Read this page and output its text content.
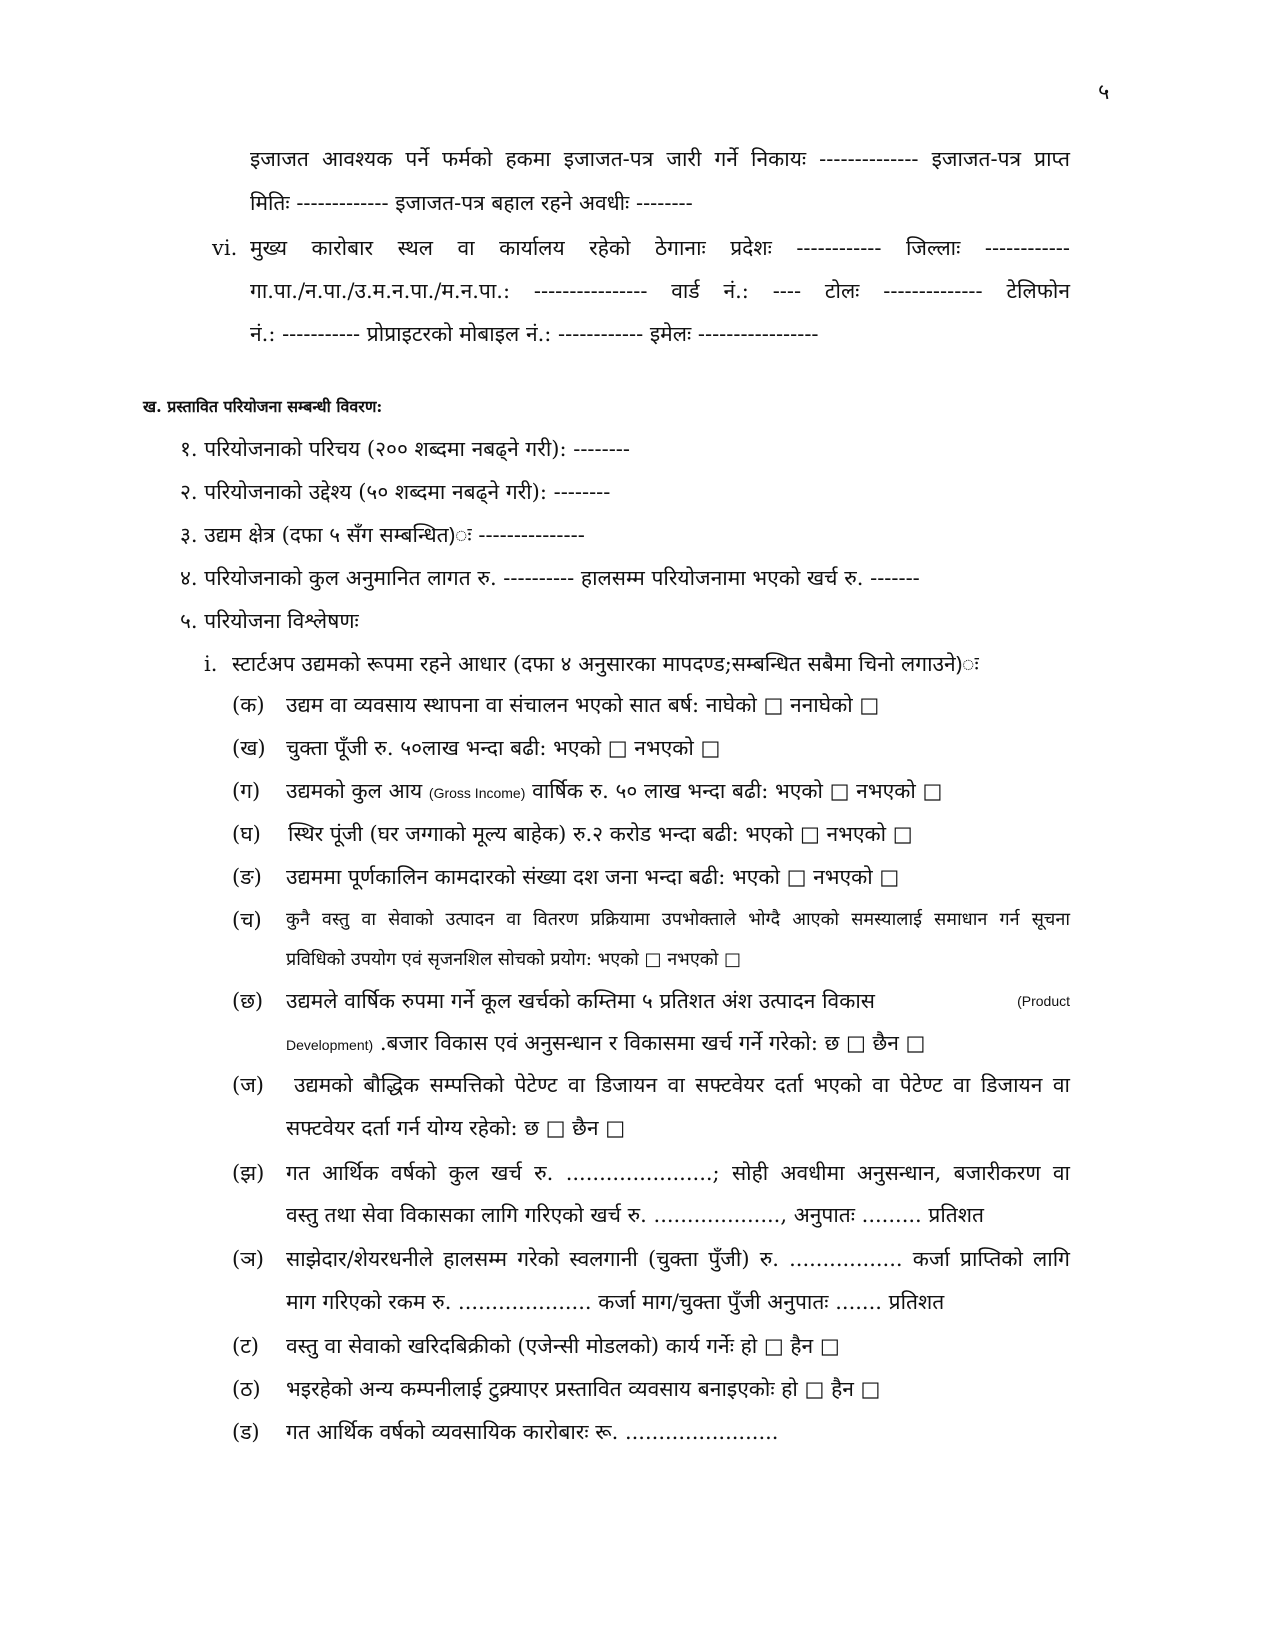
५
इजाजत आवश्यक पर्ने फर्मको हकमा इजाजत-पत्र जारी गर्ने निकायः -------------- इजाजत-पत्र प्राप्त
मितिः ------------- इजाजत-पत्र बहाल रहने अवधीः --------
vi. मुख्य कारोबार स्थल वा कार्यालय रहेको ठेगानाः प्रदेशः ------------ जिल्लाः ------------
गा.पा./न.पा./उ.म.न.पा./म.न.पा.: ---------------- वार्ड नं.: ---- टोलः -------------- टेलिफोन
नं.: ----------- प्रोप्राइटरको मोबाइल नं.: ------------ इमेलः -----------------
ख. प्रस्तावित परियोजना सम्बन्धी विवरण:
१. परियोजनाको परिचय (२०० शब्दमा नबढ्ने गरी): --------
२. परियोजनाको उद्देश्य (५० शब्दमा नबढ्ने गरी): --------
३. उद्यम क्षेत्र (दफा ५ सँग सम्बन्धित)ः ---------------
४. परियोजनाको कुल अनुमानित लागत रु. ---------- हालसम्म परियोजनामा भएको खर्च रु. -------
५. परियोजना विश्लेषणः
i. स्टार्टअप उद्यमको रूपमा रहने आधार (दफा ४ अनुसारका मापदण्ड;सम्बन्धित सबैमा चिनो लगाउने)ः
(क) उद्यम वा व्यवसाय स्थापना वा संचालन भएको सात बर्ष: नाघेको □ ननाघेको □
(ख) चुक्ता पूँजी रु. ५०लाख भन्दा बढी: भएको □ नभएको □
(ग) उद्यमको कुल आय (Gross Income) वार्षिक रु. ५० लाख भन्दा बढी: भएको □ नभएको □
(घ) स्थिर पूंजी (घर जग्गाको मूल्य बाहेक) रु.२ करोड भन्दा बढी: भएको □ नभएको □
(ङ) उद्यममा पूर्णकालिन कामदारको संख्या दश जना भन्दा बढी: भएको □ नभएको □
(च) कुनै वस्तु वा सेवाको उत्पादन वा वितरण प्रक्रियामा उपभोक्ताले भोग्दै आएको समस्यालाई समाधान गर्न सूचना
प्रविधिको उपयोग एवं सृजनशिल सोचको प्रयोग: भएको □ नभएको □
(छ) उद्यमले वार्षिक रुपमा गर्ने कूल खर्चको कम्तिमा ५ प्रतिशत अंश उत्पादन विकास	(Product
Development) .बजार विकास एवं अनुसन्धान र विकासमा खर्च गर्ने गरेको: छ □ छैन □
(ज) उद्यमको बौद्धिक सम्पत्तिको पेटेण्ट वा डिजायन वा सफ्टवेयर दर्ता भएको वा पेटेण्ट वा डिजायन वा
सफ्टवेयर दर्ता गर्न योग्य रहेको: छ □ छैन □
(झ) गत आर्थिक वर्षको कुल खर्च रु. ......................; सोही अवधीमा अनुसन्धान, बजारीकरण वा
वस्तु तथा सेवा विकासका लागि गरिएको खर्च रु. ..................., अनुपातः ......... प्रतिशत
(ञ) साझेदार/शेयरधनीले हालसम्म गरेको स्वलगानी (चुक्ता पुँजी) रु. ................. कर्जा प्राप्तिको लागि
माग गरिएको रकम रु. .................... कर्जा माग/चुक्ता पुँजी अनुपातः ....... प्रतिशत
(ट) वस्तु वा सेवाको खरिदबिक्रीको (एजेन्सी मोडलको) कार्य गर्नेः हो □ हैन □
(ठ) भइरहेको अन्य कम्पनीलाई टुक्र्याएर प्रस्तावित व्यवसाय बनाइएकोः हो □ हैन □
(ड) गत आर्थिक वर्षको व्यवसायिक कारोबारः रू. .......................
